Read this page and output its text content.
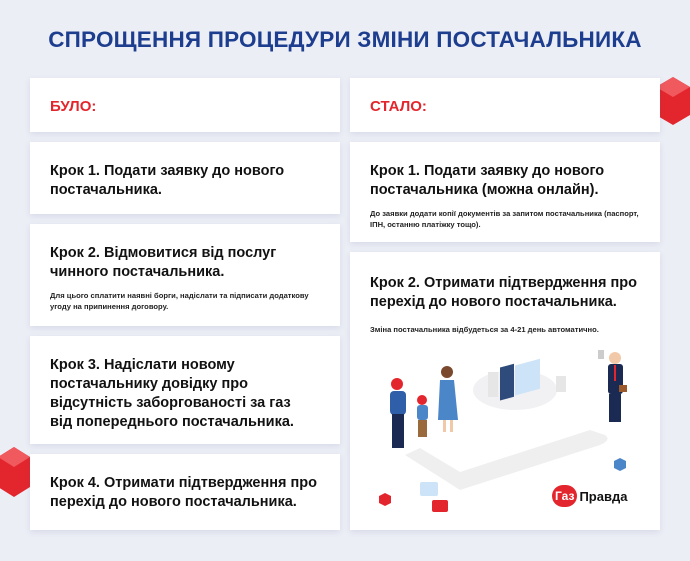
СПРОЩЕННЯ ПРОЦЕДУРИ ЗМІНИ ПОСТАЧАЛЬНИКА
БУЛО:
Крок 1. Подати заявку до нового постачальника.
Крок 2. Відмовитися від послуг чинного постачальника.
Для цього сплатити наявні борги, надіслати та підписати додаткову угоду на припинення договору.
Крок 3. Надіслати новому постачальнику довідку про відсутність заборгованості за газ від попереднього постачальника.
Крок 4. Отримати підтвердження про перехід до нового постачальника.
СТАЛО:
Крок 1. Подати заявку до нового постачальника (можна онлайн).
До заявки додати копії документів за запитом постачальника (паспорт, ІПН, останню платіжку тощо).
Крок 2. Отримати підтвердження про перехід до нового постачальника.
Зміна постачальника відбудеться за 4-21 день автоматично.
Газ Правда
